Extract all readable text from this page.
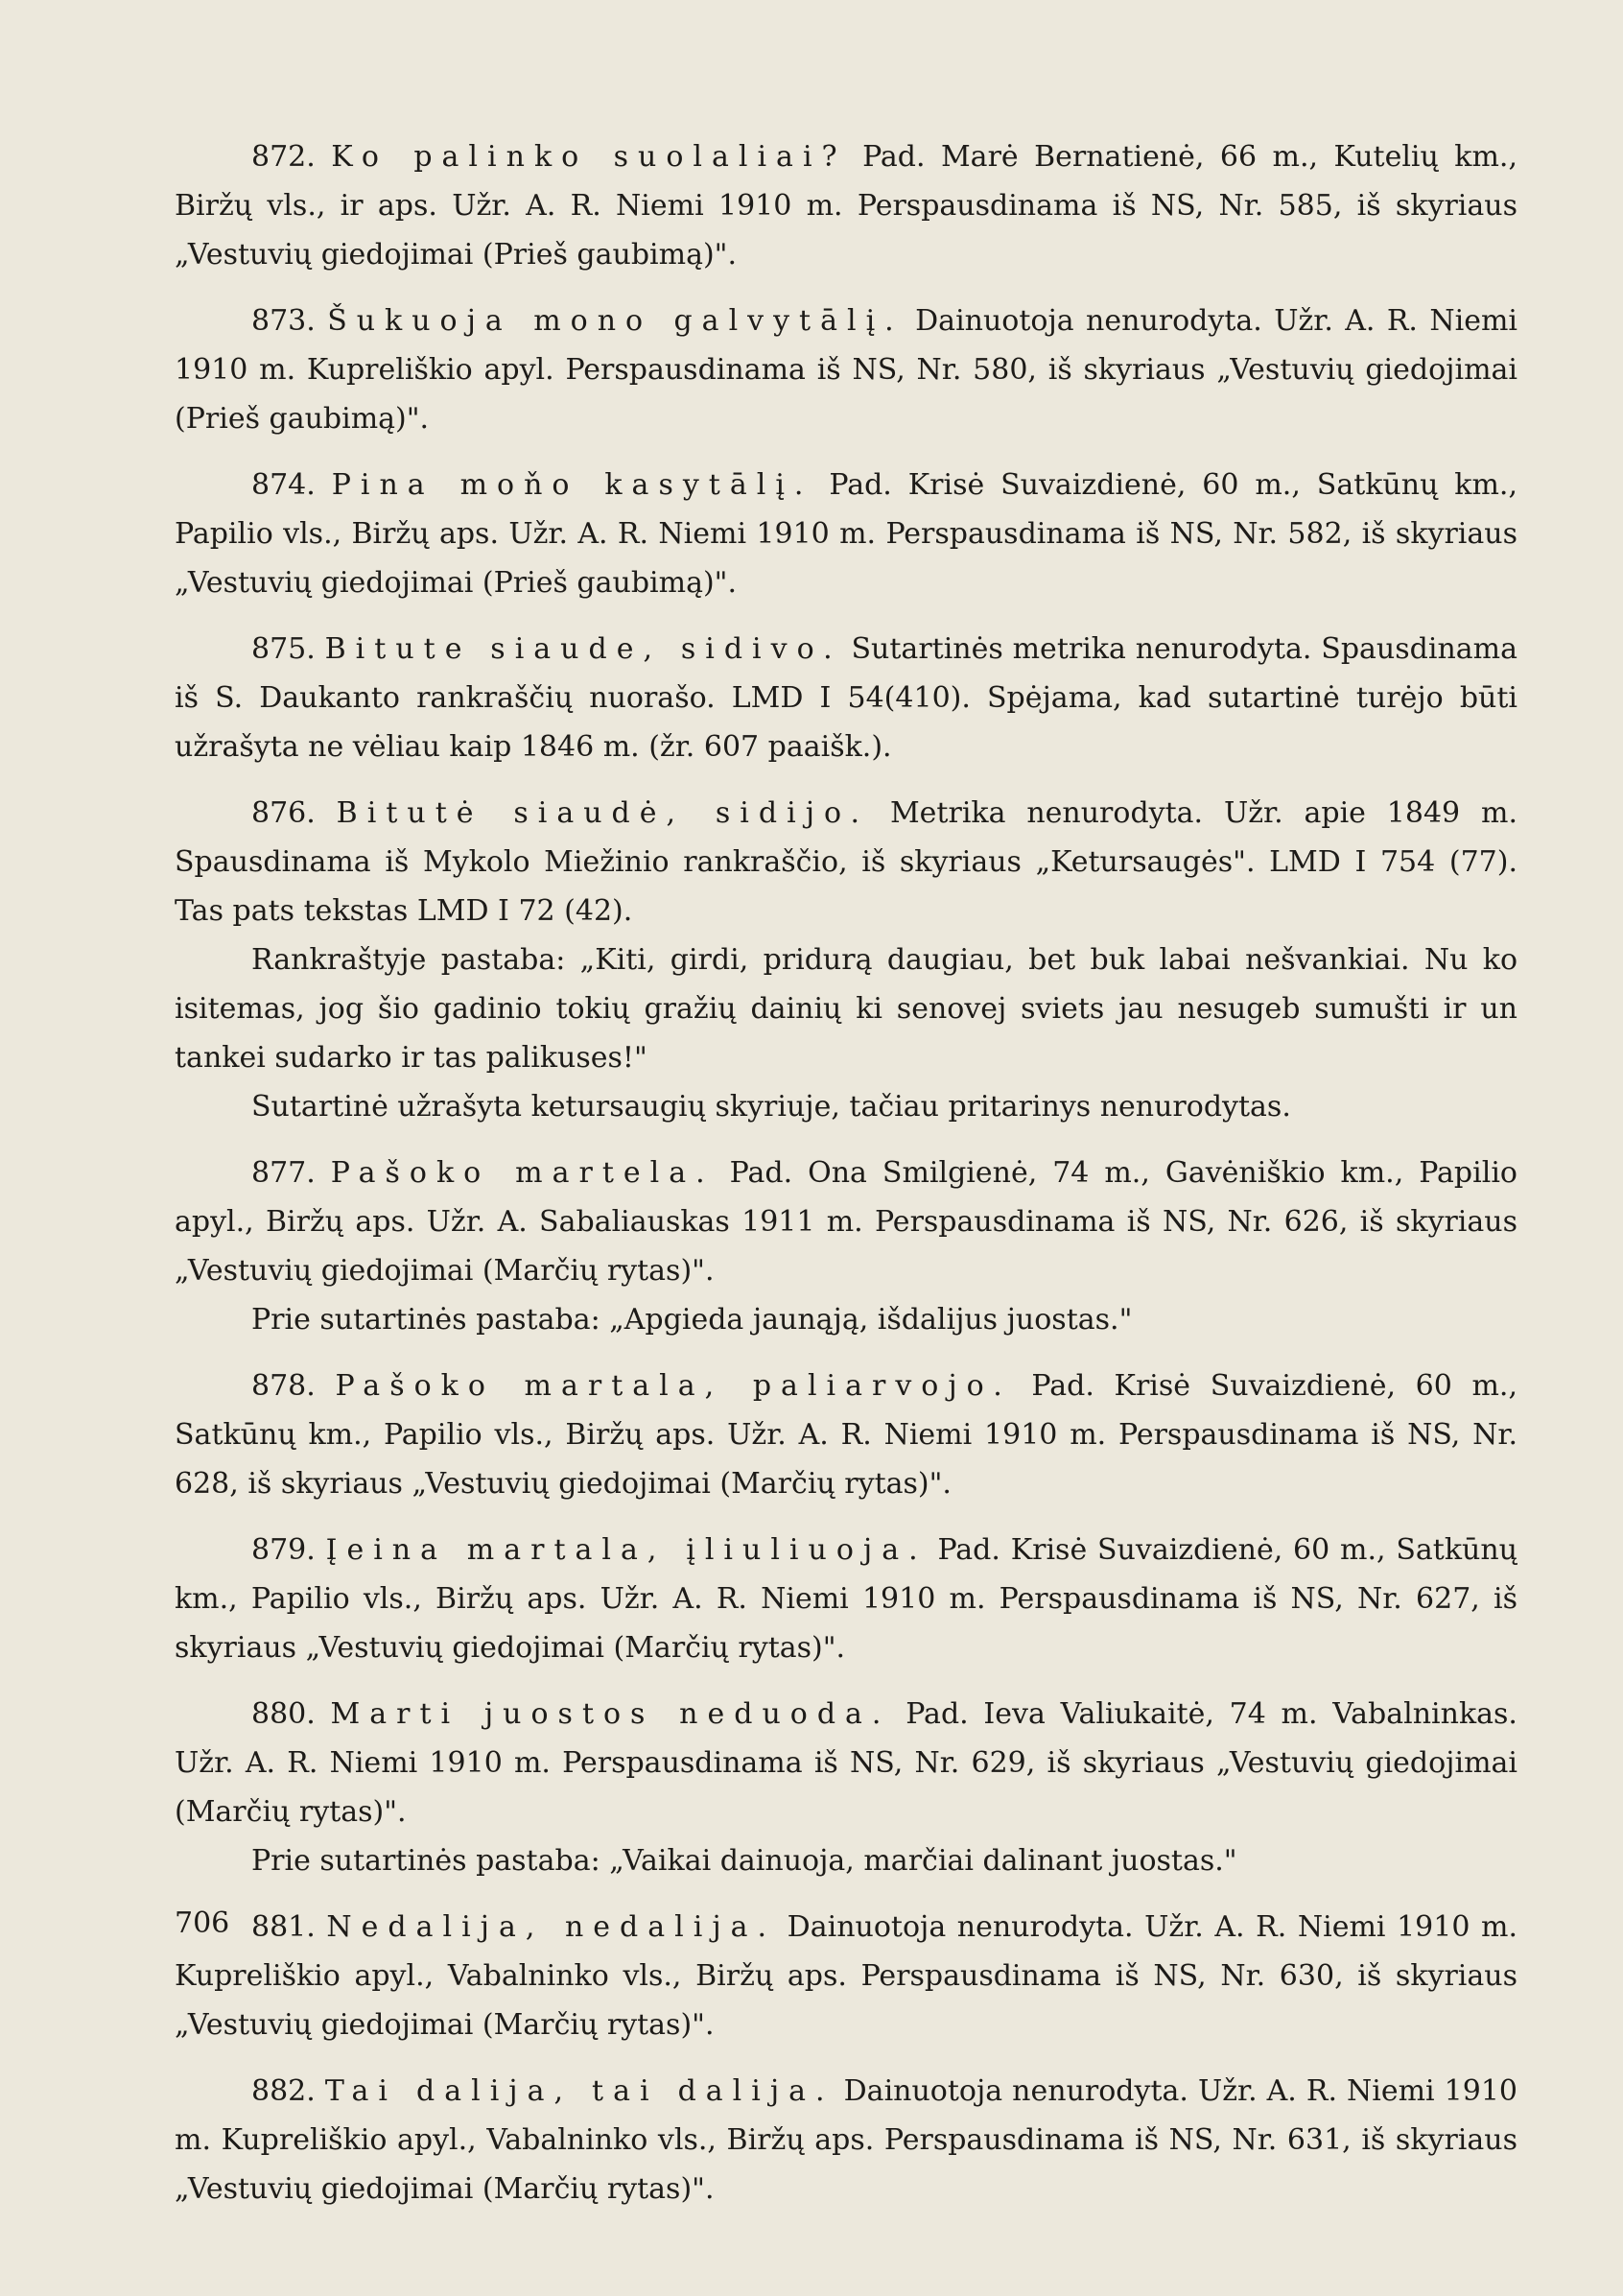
872. Ko palinko suolaliai? Pad. Marė Bernatienė, 66 m., Kutelių km., Biržų vls., ir aps. Užr. A. R. Niemi 1910 m. Perspausdinama iš NS, Nr. 585, iš skyriaus „Vestuvių giedojimai (Prieš gaubimą)".

873. Šukuoja mono galvytālį. Dainuotoja nenurodyta. Užr. A. R. Niemi 1910 m. Kupreliškio apyl. Perspausdinama iš NS, Nr. 580, iš skyriaus „Vestuvių giedojimai (Prieš gaubimą)".

874. Pina moňo kasytālį. Pad. Krisė Suvaizdienė, 60 m., Satkūnų km., Papilio vls., Biržų aps. Užr. A. R. Niemi 1910 m. Perspausdinama iš NS, Nr. 582, iš skyriaus „Vestuvių giedojimai (Prieš gaubimą)".

875. Bitute siaude, sidivo. Sutartinės metrika nenurodyta. Spausdinama iš S. Daukanto rankraščių nuorašo. LMD I 54(410). Spėjama, kad sutartinė turėjo būti užrašyta ne vėliau kaip 1846 m. (žr. 607 paaišk.).

876. Bitutė siaudė, sidijo. Metrika nenurodyta. Užr. apie 1849 m. Spausdinama iš Mykolo Miežinio rankraščio, iš skyriaus „Ketursaugės". LMD I 754 (77). Tas pats tekstas LMD I 72 (42).

Rankraštyje pastaba: „Kiti, girdi, pridurą daugiau, bet buk labai nešvankiai. Nu ko isitemas, jog šio gadinio tokių gražių dainių ki senovej sviets jau nesugeb sumušti ir un tankei sudarko ir tas palikuses!"

Sutartinė užrašyta ketursaugių skyriuje, tačiau pritarinys nenurodytas.

877. Pašoko martela. Pad. Ona Smilgienė, 74 m., Gavėniškio km., Papilio apyl., Biržų aps. Užr. A. Sabaliauskas 1911 m. Perspausdinama iš NS, Nr. 626, iš skyriaus „Vestuvių giedojimai (Marčių rytas)".

Prie sutartinės pastaba: „Apgieda jaunąją, išdalijus juostas."

878. Pašoko martala, paliarvojo. Pad. Krisė Suvaizdienė, 60 m., Satkūnų km., Papilio vls., Biržų aps. Užr. A. R. Niemi 1910 m. Perspausdinama iš NS, Nr. 628, iš skyriaus „Vestuvių giedojimai (Marčių rytas)".

879. Įeina martala, įliuliuoja. Pad. Krisė Suvaizdienė, 60 m., Satkūnų km., Papilio vls., Biržų aps. Užr. A. R. Niemi 1910 m. Perspausdinama iš NS, Nr. 627, iš skyriaus „Vestuvių giedojimai (Marčių rytas)".

880. Marti juostos neduoda. Pad. Ieva Valiukaitė, 74 m. Vabalninkas. Užr. A. R. Niemi 1910 m. Perspausdinama iš NS, Nr. 629, iš skyriaus „Vestuvių giedojimai (Marčių rytas)".

Prie sutartinės pastaba: „Vaikai dainuoja, marčiai dalinant juostas."

881. Nedalija, nedalija. Dainuotoja nenurodyta. Užr. A. R. Niemi 1910 m. Kupreliškio apyl., Vabalninko vls., Biržų aps. Perspausdinama iš NS, Nr. 630, iš skyriaus „Vestuvių giedojimai (Marčių rytas)".

882. Tai dalija, tai dalija. Dainuotoja nenurodyta. Užr. A. R. Niemi 1910 m. Kupreliškio apyl., Vabalninko vls., Biržų aps. Perspausdinama iš NS, Nr. 631, iš skyriaus „Vestuvių giedojimai (Marčių rytas)".

706
